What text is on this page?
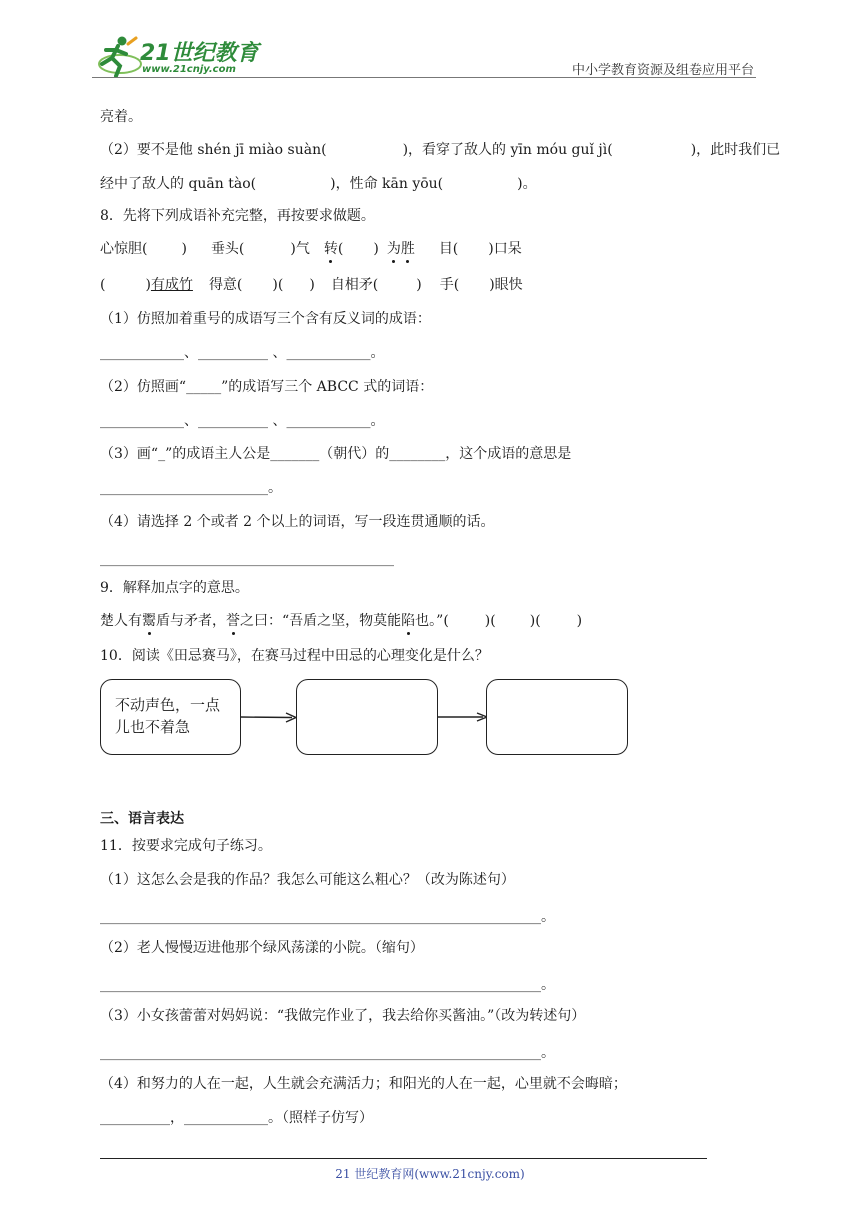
21世纪教育
www.21cnjy.com	中小学教育资源及组卷应用平台
亮着。
（2）要不是他 shén jī miào suàn(	)，看穿了敌人的 yīn móu guǐ jì(	)，此时我们已
经中了敌人的 quān tào(	)，性命 kān yōu(	)。
8．先将下列成语补充完整，再按要求做题。
心惊胆( ) 垂头(	)气 转( ) 为胜 目( )口呆
(	)有成竹 得意( )( ) 自相矛(	) 手( )眼快
（1）仿照加着重号的成语写三个含有反义词的成语：
____________、__________ 、____________。
（2）仿照画“_____”的成语写三个 ABCC 式的词语：
____________、__________ 、____________。
（3）画“_”的成语主人公是_______（朝代）的________，这个成语的意思是
________________________。
（4）请选择 2 个或者 2 个以上的词语，写一段连贯通顺的话。
__________________________________________
9．解释加点字的意思。
楚人有鬻盾与矛者，誉之曰：“吾盾之坚，物莫能陷也。”(	)( )(	)
10．阅读《田忌赛马》，在赛马过程中田忌的心理变化是什么？
不动声色，一点
儿也不着急
三、语言表达
11．按要求完成句子练习。
（1）这怎么会是我的作品？我怎么可能这么粗心？（改为陈述句）
_______________________________________________________________。
（2）老人慢慢迈进他那个绿风荡漾的小院。（缩句）
_______________________________________________________________。
（3）小女孩蕾蕾对妈妈说：“我做完作业了，我去给你买酱油。”（改为转述句）
_______________________________________________________________。
（4）和努力的人在一起，人生就会充满活力；和阳光的人在一起，心里就不会晦暗；
__________，____________。（照样子仿写）
21 世纪教育网(www.21cnjy.com)
